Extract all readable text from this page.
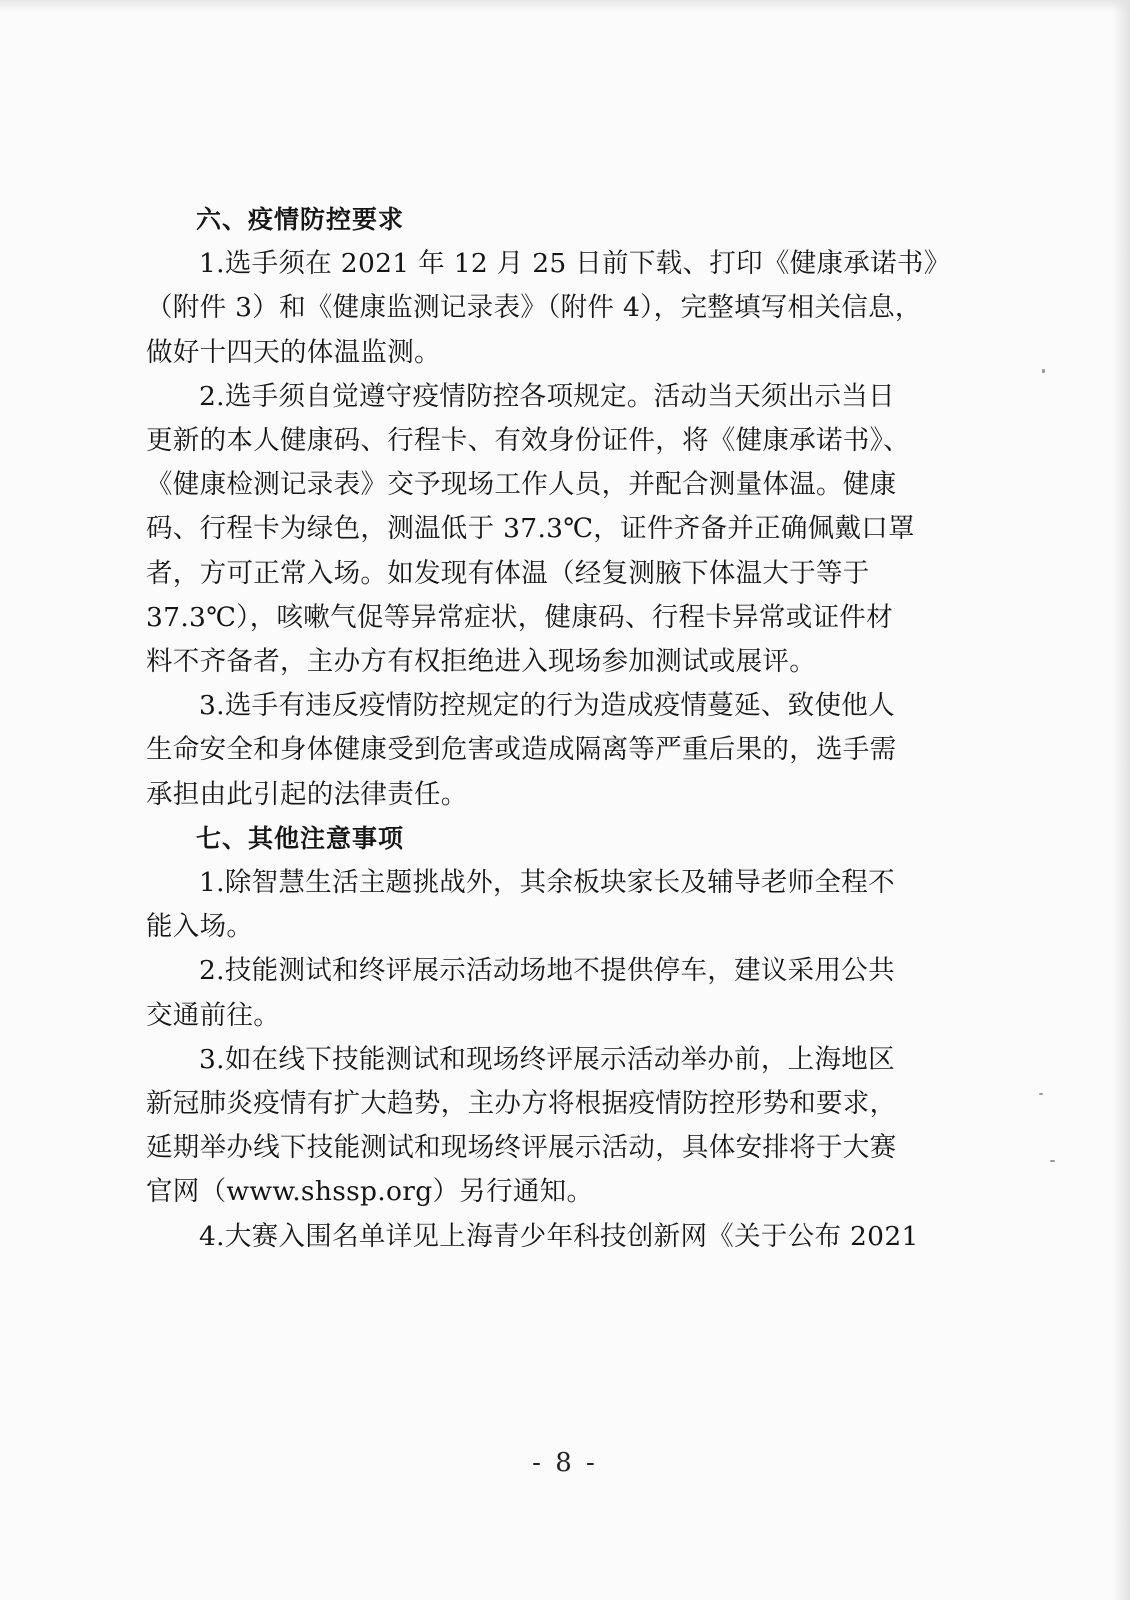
六、疫情防控要求
1.选手须在 2021 年 12 月 25 日前下载、打印《健康承诺书》
（附件 3）和《健康监测记录表》（附件 4），完整填写相关信息，
做好十四天的体温监测。
2.选手须自觉遵守疫情防控各项规定。活动当天须出示当日
更新的本人健康码、行程卡、有效身份证件，将《健康承诺书》、
《健康检测记录表》交予现场工作人员，并配合测量体温。健康
码、行程卡为绿色，测温低于 37.3℃，证件齐备并正确佩戴口罩
者，方可正常入场。如发现有体温（经复测腋下体温大于等于
37.3℃），咳嗽气促等异常症状，健康码、行程卡异常或证件材
料不齐备者，主办方有权拒绝进入现场参加测试或展评。
3.选手有违反疫情防控规定的行为造成疫情蔓延、致使他人
生命安全和身体健康受到危害或造成隔离等严重后果的，选手需
承担由此引起的法律责任。
七、其他注意事项
1.除智慧生活主题挑战外，其余板块家长及辅导老师全程不
能入场。
2.技能测试和终评展示活动场地不提供停车，建议采用公共
交通前往。
3.如在线下技能测试和现场终评展示活动举办前，上海地区
新冠肺炎疫情有扩大趋势，主办方将根据疫情防控形势和要求，
延期举办线下技能测试和现场终评展示活动，具体安排将于大赛
官网（www.shssp.org）另行通知。
4.大赛入围名单详见上海青少年科技创新网《关于公布 2021
- 8 -
